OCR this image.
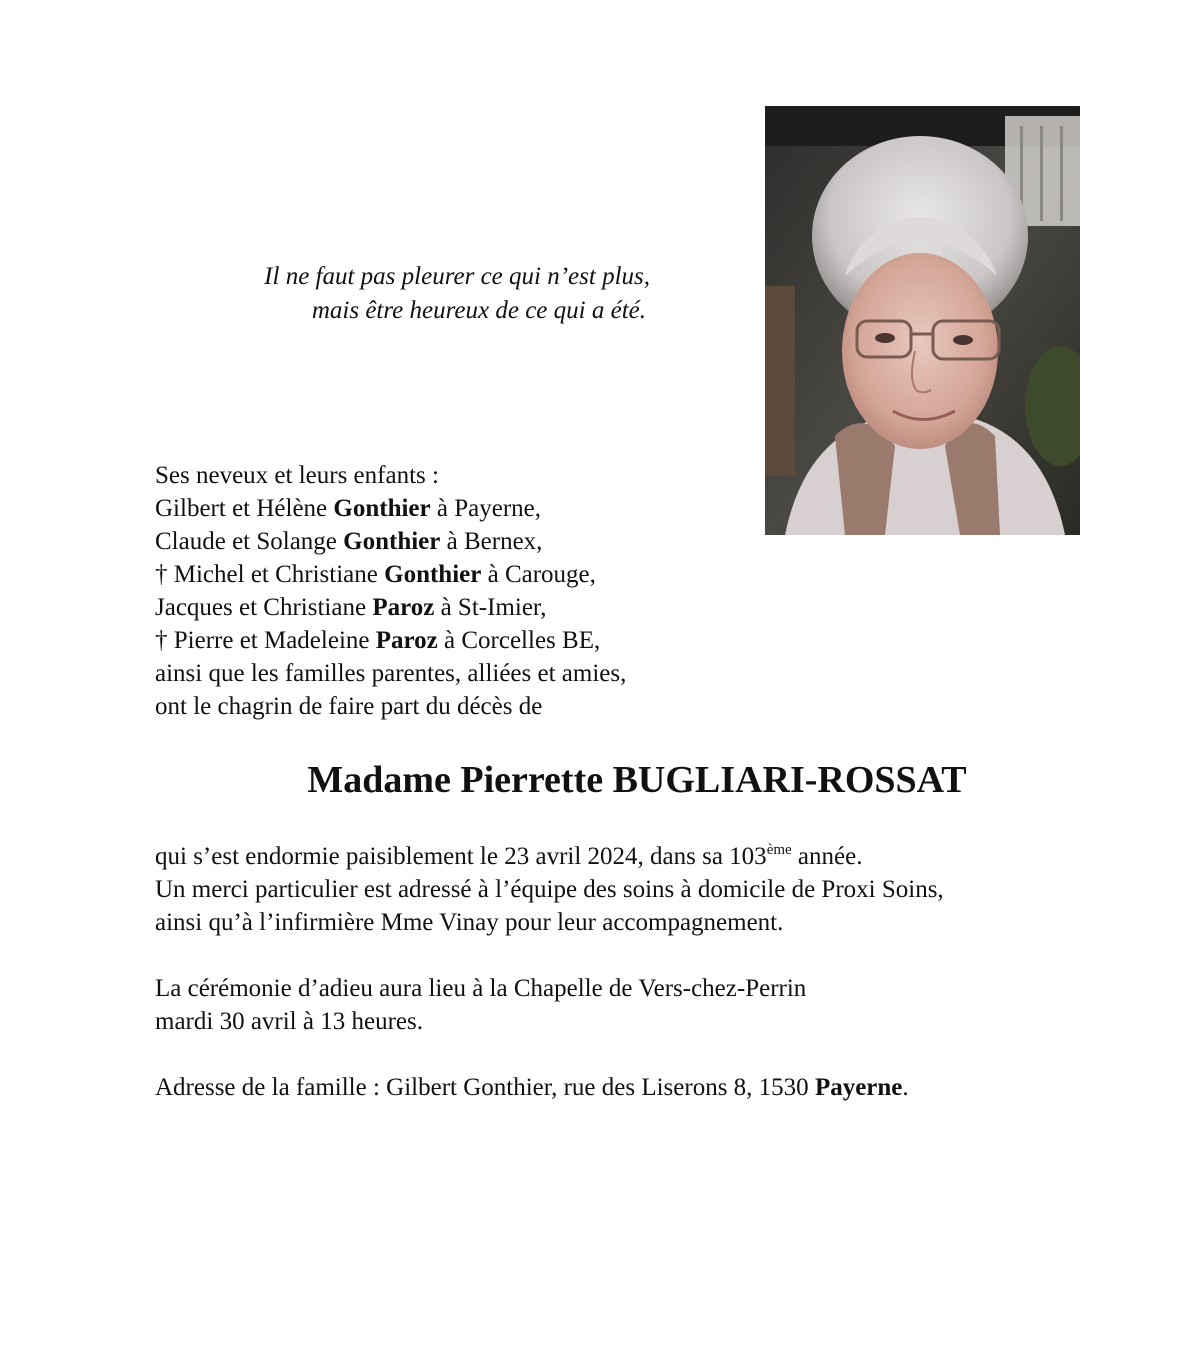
Il ne faut pas pleurer ce qui n’est plus,
mais être heureux de ce qui a été.
Ses neveux et leurs enfants :
Gilbert et Hélène Gonthier à Payerne,
Claude et Solange Gonthier à Bernex,
† Michel et Christiane Gonthier à Carouge,
Jacques et Christiane Paroz à St-Imier,
† Pierre et Madeleine Paroz à Corcelles BE,
ainsi que les familles parentes, alliées et amies,
ont le chagrin de faire part du décès de
Madame Pierrette BUGLIARI-ROSSAT
qui s’est endormie paisiblement le 23 avril 2024, dans sa 103ème année.
Un merci particulier est adressé à l’équipe des soins à domicile de Proxi Soins,
ainsi qu’à l’infirmière Mme Vinay pour leur accompagnement.
La cérémonie d’adieu aura lieu à la Chapelle de Vers-chez-Perrin
mardi 30 avril à 13 heures.
Adresse de la famille : Gilbert Gonthier, rue des Liserons 8, 1530 Payerne.
